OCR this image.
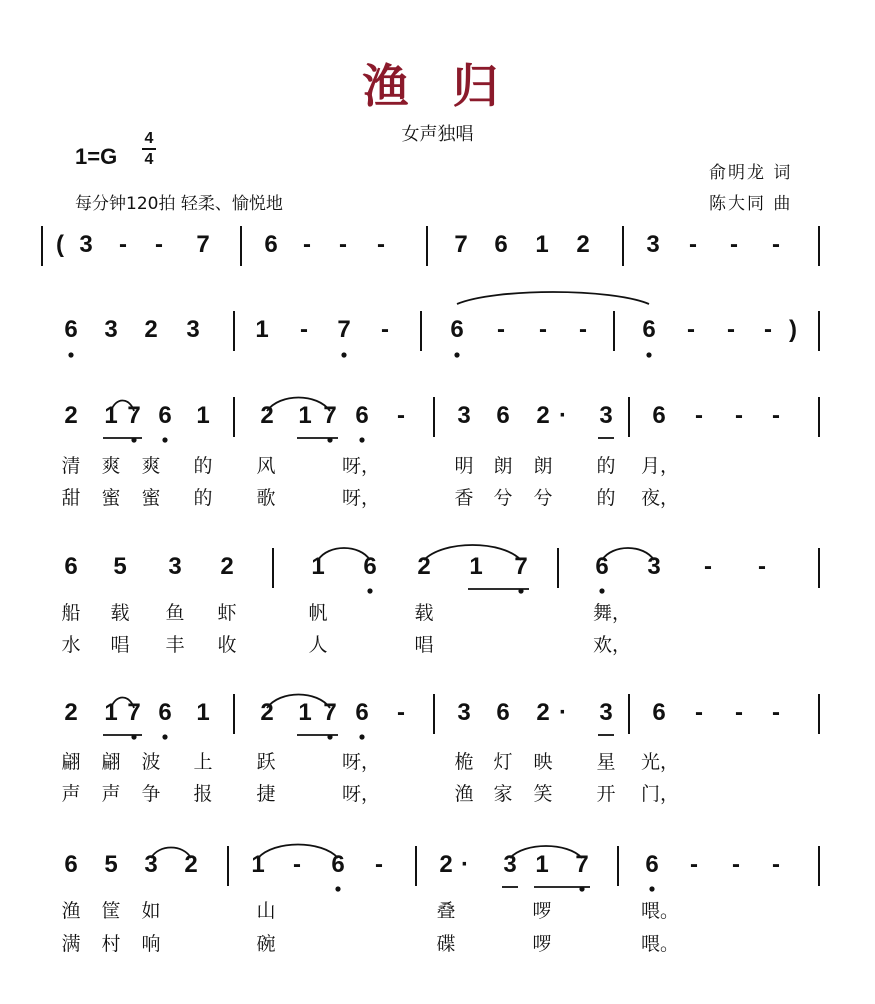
渔 归
女声独唱
1=G
4
4
每分钟120拍 轻柔、愉悦地
俞明龙 词
陈大同 曲
( 3 - - 7 6 - - -	7 6 1 2 3 - - -
6 3 2 3 1 - 7 -	6 - - - 6 - - - )
2 1 7 6 1 2 1 7 6 - 3 6 2 · 3 6 - - -
清 爽 爽 的 风	呀，	明 朗 朗 的 月，
甜 蜜 蜜 的 歌	呀，	香 兮 兮 的 夜，
6 5 3 2	1 6 2 1 7	6 3 - -
船 载 鱼 虾	帆	载	舞，
水 唱 丰 收	人	唱	欢，
2 1 7 6 1 2 1 7 6 - 3 6 2 · 3 6 - - -
翩 翩 波 上 跃	呀，	桅 灯 映 星 光，
声 声 争 报 捷	呀，	渔 家 笑 开 门，
6 5 3 2 1 - 6 - 2 · 3 1 7 6 - - -
渔 筐 如	山	叠	啰	喂。
满 村 响	碗	碟	啰	喂。
